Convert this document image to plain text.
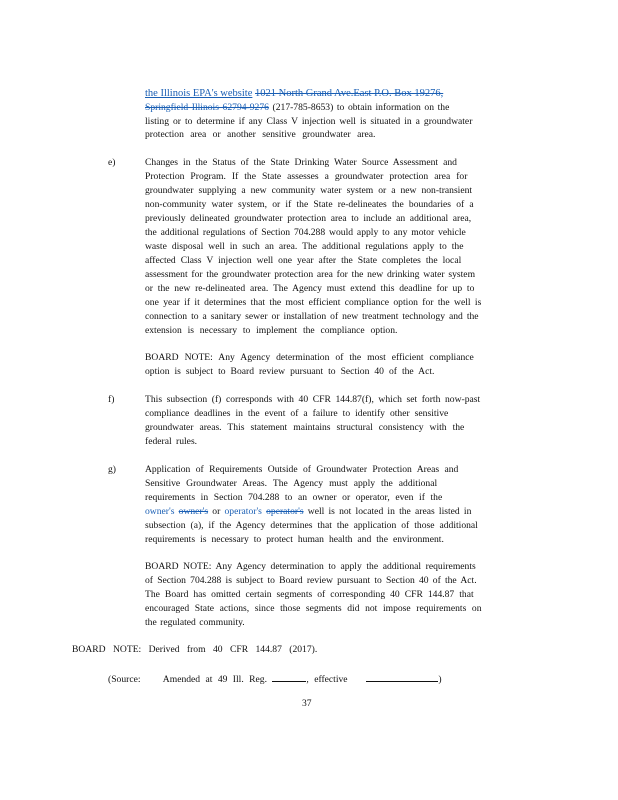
the Illinois EPA's website 1021 North Grand Ave.East P.O. Box 19276,
Springfield Illinois 62794-9276 (217-785-8653) to obtain information on the
listing or to determine if any Class V injection well is situated in a groundwater
protection area or another sensitive groundwater area.
e)	Changes in the Status of the State Drinking Water Source Assessment and
Protection Program. If the State assesses a groundwater protection area for
groundwater supplying a new community water system or a new non-transient
non-community water system, or if the State re-delineates the boundaries of a
previously delineated groundwater protection area to include an additional area,
the additional regulations of Section 704.288 would apply to any motor vehicle
waste disposal well in such an area. The additional regulations apply to the
affected Class V injection well one year after the State completes the local
assessment for the groundwater protection area for the new drinking water system
or the new re-delineated area. The Agency must extend this deadline for up to
one year if it determines that the most efficient compliance option for the well is
connection to a sanitary sewer or installation of new treatment technology and the
extension is necessary to implement the compliance option.
BOARD NOTE: Any Agency determination of the most efficient compliance
option is subject to Board review pursuant to Section 40 of the Act.
f)	This subsection (f) corresponds with 40 CFR 144.87(f), which set forth now-past
compliance deadlines in the event of a failure to identify other sensitive
groundwater areas. This statement maintains structural consistency with the
federal rules.
g)	Application of Requirements Outside of Groundwater Protection Areas and
Sensitive Groundwater Areas. The Agency must apply the additional
requirements in Section 704.288 to an owner or operator, even if the
owner's owner's or operator's operator's well is not located in the areas listed in
subsection (a), if the Agency determines that the application of those additional
requirements is necessary to protect human health and the environment.
BOARD NOTE: Any Agency determination to apply the additional requirements
of Section 704.288 is subject to Board review pursuant to Section 40 of the Act.
The Board has omitted certain segments of corresponding 40 CFR 144.87 that
encouraged State actions, since those segments did not impose requirements on
the regulated community.
BOARD NOTE: Derived from 40 CFR 144.87 (2017).
(Source: Amended at 49 Ill. Reg.	, effective	)
37
